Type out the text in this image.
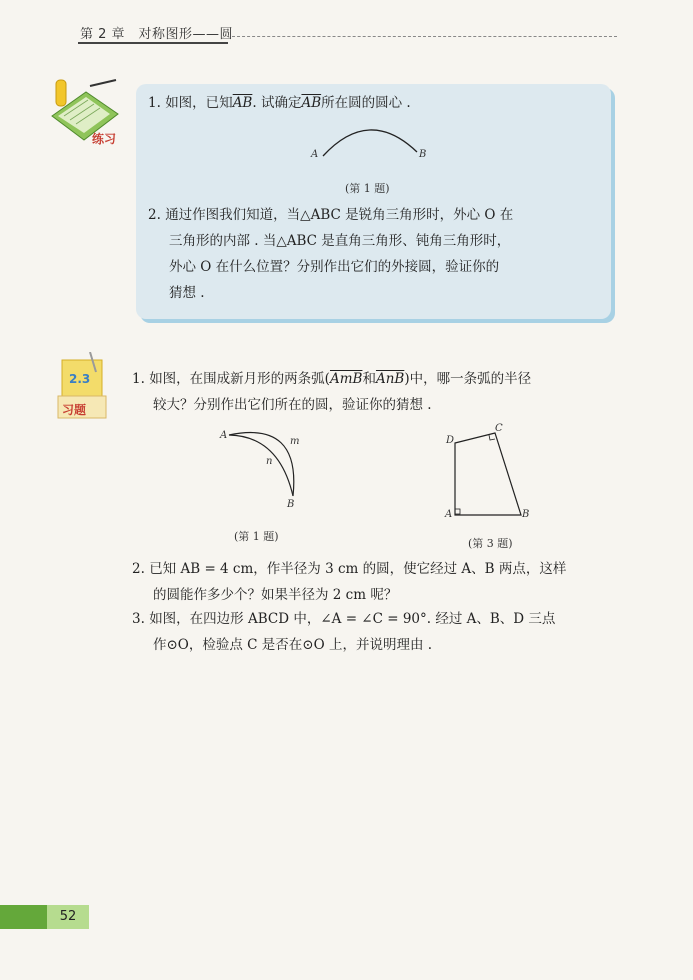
第 2 章　对称图形——圆
练习
1. 如图，已知$\overline{AB}$. 试确定$\overline{AB}$所在圆的圆心 .
A	B
(第 1 题)
2. 通过作图我们知道，当△ABC 是锐角三角形时，外心 O 在
三角形的内部 . 当△ABC 是直角三角形、钝角三角形时，
外心 O 在什么位置？分别作出它们的外接圆，验证你的
猜想 .
2.3
习题
1. 如图，在围成新月形的两条弧($\overline{AmB}$和$\overline{AnB}$)中，哪一条弧的半径
较大？分别作出它们所在的圆，验证你的猜想 .
A
m
n
B
(第 1 题)
D
C
A	B
(第 3 题)
2. 已知 AB = 4 cm，作半径为 3 cm 的圆，使它经过 A、B 两点，这样
的圆能作多少个？如果半径为 2 cm 呢？
3. 如图，在四边形 ABCD 中，∠A = ∠C = 90°. 经过 A、B、D 三点
作⊙O，检验点 C 是否在⊙O 上，并说明理由 .
52
